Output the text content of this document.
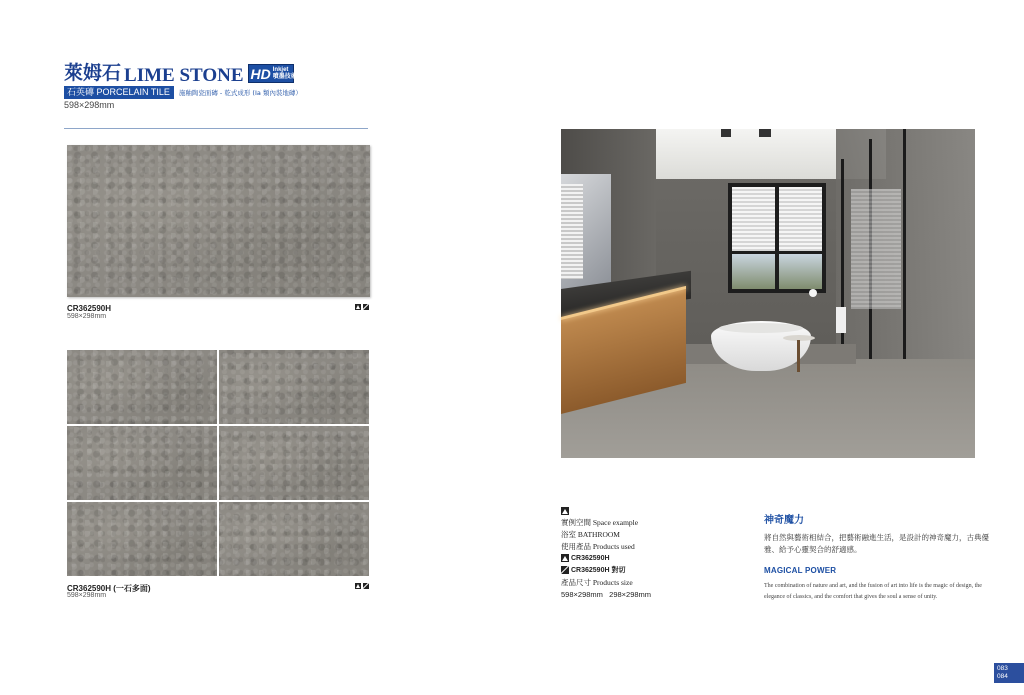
萊姆石 LIME STONE HD Inkjet
噴墨技術
石英磚 PORCELAIN TILE	施釉陶瓷面磚 - 乾式成形 (Ia 類內裝地磚）
598×298mm
CR362590H
598×298mm
CR362590H (一石多面)
598×298mm
實例空間 Space example
浴室 BATHROOM
使用產品 Products used
CR362590H
CR362590H 對切
產品尺寸 Products size
598×298mm   298×298mm
神奇魔力
將自然與藝術相結合，把藝術融進生活，是設計的神奇魔力，古典優雅、給予心靈契合的舒適感。
MAGICAL POWER
The combination of nature and art, and the fusion of art into life is the magic of design, the elegance of classics, and the comfort that gives the soul a sense of unity.
083
084
